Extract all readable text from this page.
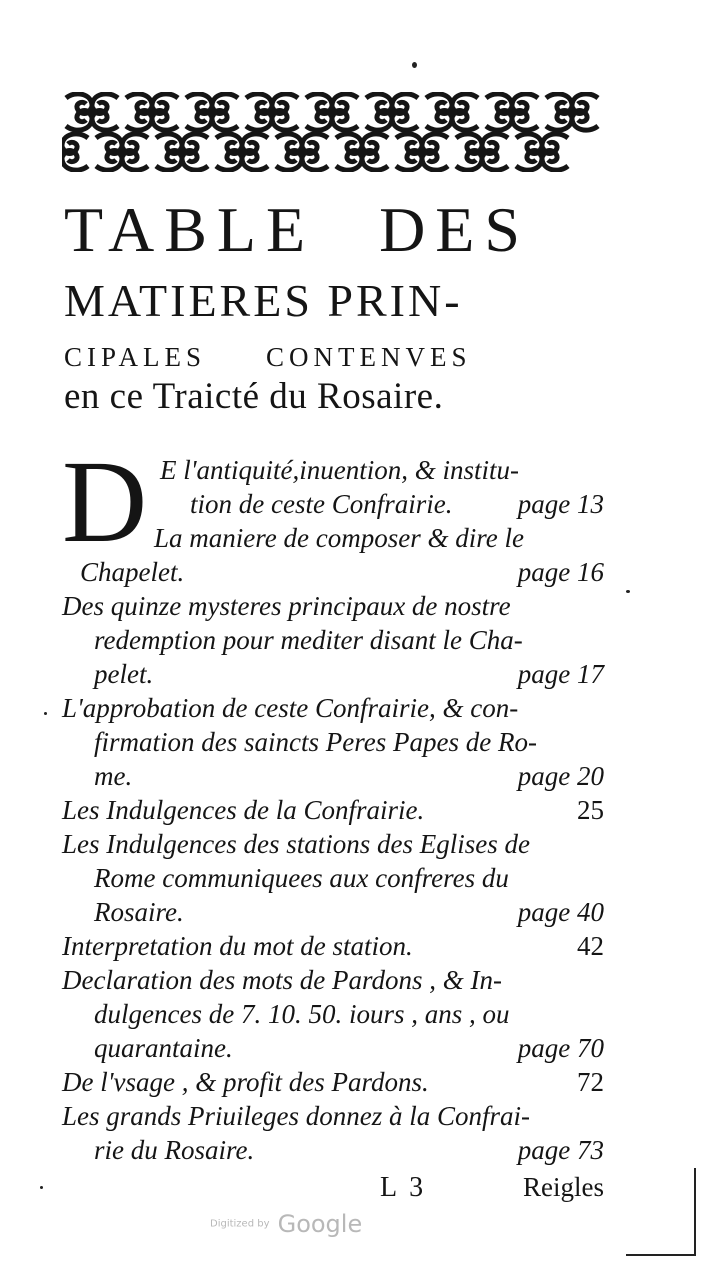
TABLE DES
MATIERES PRIN-
CIPALES CONTENVES
en ce Traicté du Rosaire.
D E l'antiquité,inuention, & institu-
tion de ceste Confrairie. page 13
La maniere de composer & dire le
Chapelet.	page 16
Des quinze mysteres principaux de nostre
redemption pour mediter disant le Cha-
pelet.	page 17
L'approbation de ceste Confrairie, & con-
firmation des saincts Peres Papes de Ro-
me.	page 20
Les Indulgences de la Confrairie.	25
Les Indulgences des stations des Eglises de
Rome communiquees aux confreres du
Rosaire.	page 40
Interpretation du mot de station.	42
Declaration des mots de Pardons , & In-
dulgences de 7. 10. 50. iours , ans , ou
quarantaine.	page 70
De l'vsage , & profit des Pardons.	72
Les grands Priuileges donnez à la Confrai-
rie du Rosaire.	page 73
L 3	Reigles
Digitized by Google
